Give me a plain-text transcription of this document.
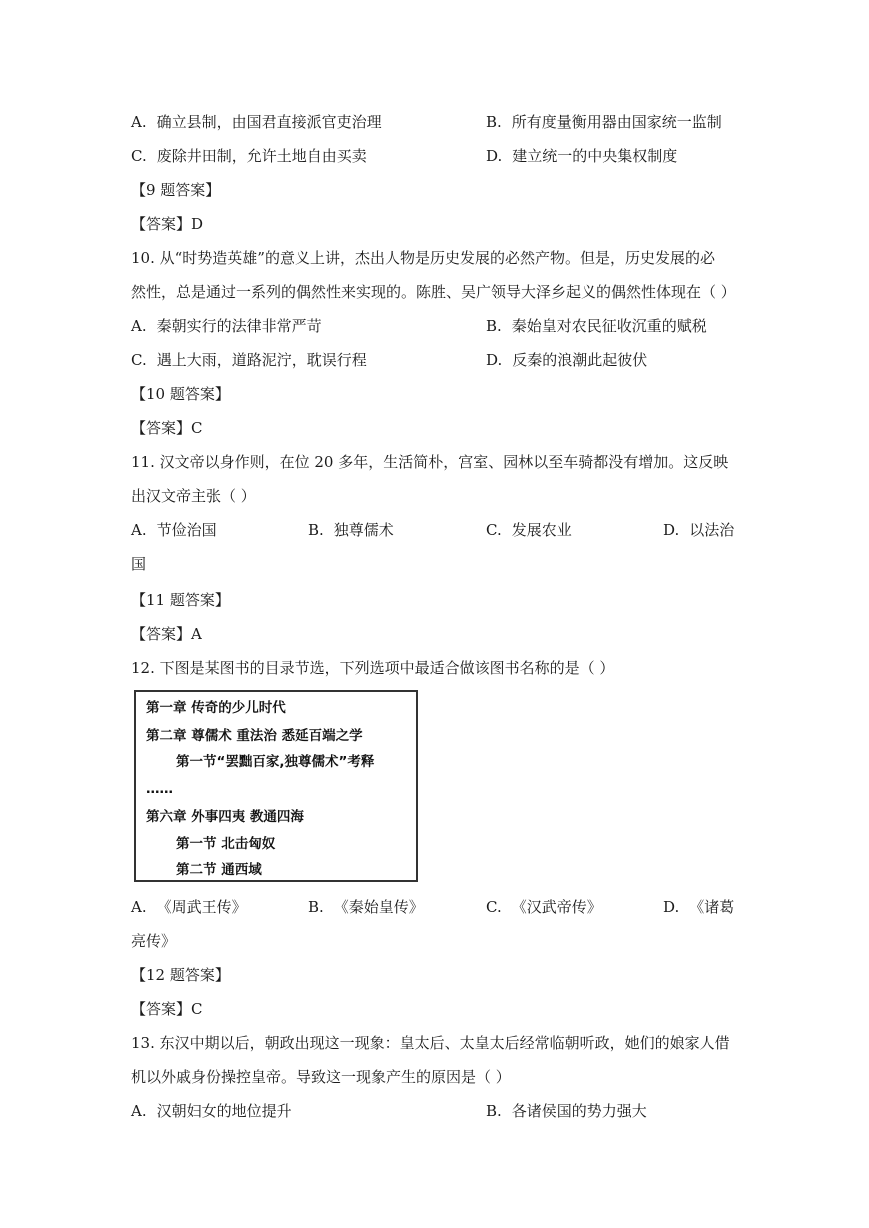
A. 确立县制，由国君直接派官吏治理	B. 所有度量衡用器由国家统一监制
C. 废除井田制，允许土地自由买卖	D. 建立统一的中央集权制度
【9 题答案】
【答案】D
10. 从“时势造英雄”的意义上讲，杰出人物是历史发展的必然产物。但是，历史发展的必
然性，总是通过一系列的偶然性来实现的。陈胜、吴广领导大泽乡起义的偶然性体现在（ ）
A. 秦朝实行的法律非常严苛	B. 秦始皇对农民征收沉重的赋税
C. 遇上大雨，道路泥泞，耽误行程	D. 反秦的浪潮此起彼伏
【10 题答案】
【答案】C
11. 汉文帝以身作则，在位 20 多年，生活简朴，宫室、园林以至车骑都没有增加。这反映
出汉文帝主张（ ）
A. 节俭治国	B. 独尊儒术	C. 发展农业	D. 以法治
国
【11 题答案】
【答案】A
12. 下图是某图书的目录节选，下列选项中最适合做该图书名称的是（ ）
第一章 传奇的少儿时代
第二章 尊儒术 重法治 悉延百端之学
第一节“罢黜百家,独尊儒术”考释
……
第六章 外事四夷 教通四海
第一节 北击匈奴
第二节 通西域
A. 《周武王传》	B. 《秦始皇传》	C. 《汉武帝传》	D. 《诸葛
亮传》
【12 题答案】
【答案】C
13. 东汉中期以后，朝政出现这一现象：皇太后、太皇太后经常临朝听政，她们的娘家人借
机以外戚身份操控皇帝。导致这一现象产生的原因是（ ）
A. 汉朝妇女的地位提升	B. 各诸侯国的势力强大
